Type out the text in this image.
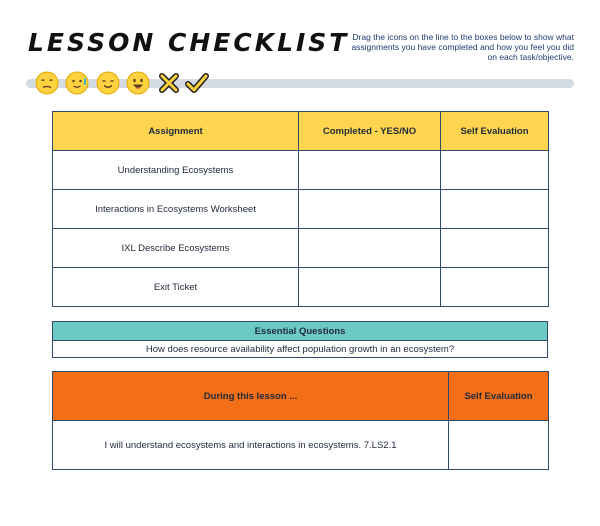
LESSON CHECKLIST Drag the icons on the line to the boxes below to show what assignments you have completed and how you feel you did on each task/objective.
Assignment	Completed - YES/NO	Self Evaluation
Understanding Ecosystems		
Interactions in Ecosystems Worksheet		
IXL Describe Ecosystems		
Exit Ticket		
Essential Questions
How does resource availability affect population growth in an ecosystem?
During this lesson ...	Self Evaluation
I will understand ecosystems and interactions in ecosystems. 7.LS2.1	
